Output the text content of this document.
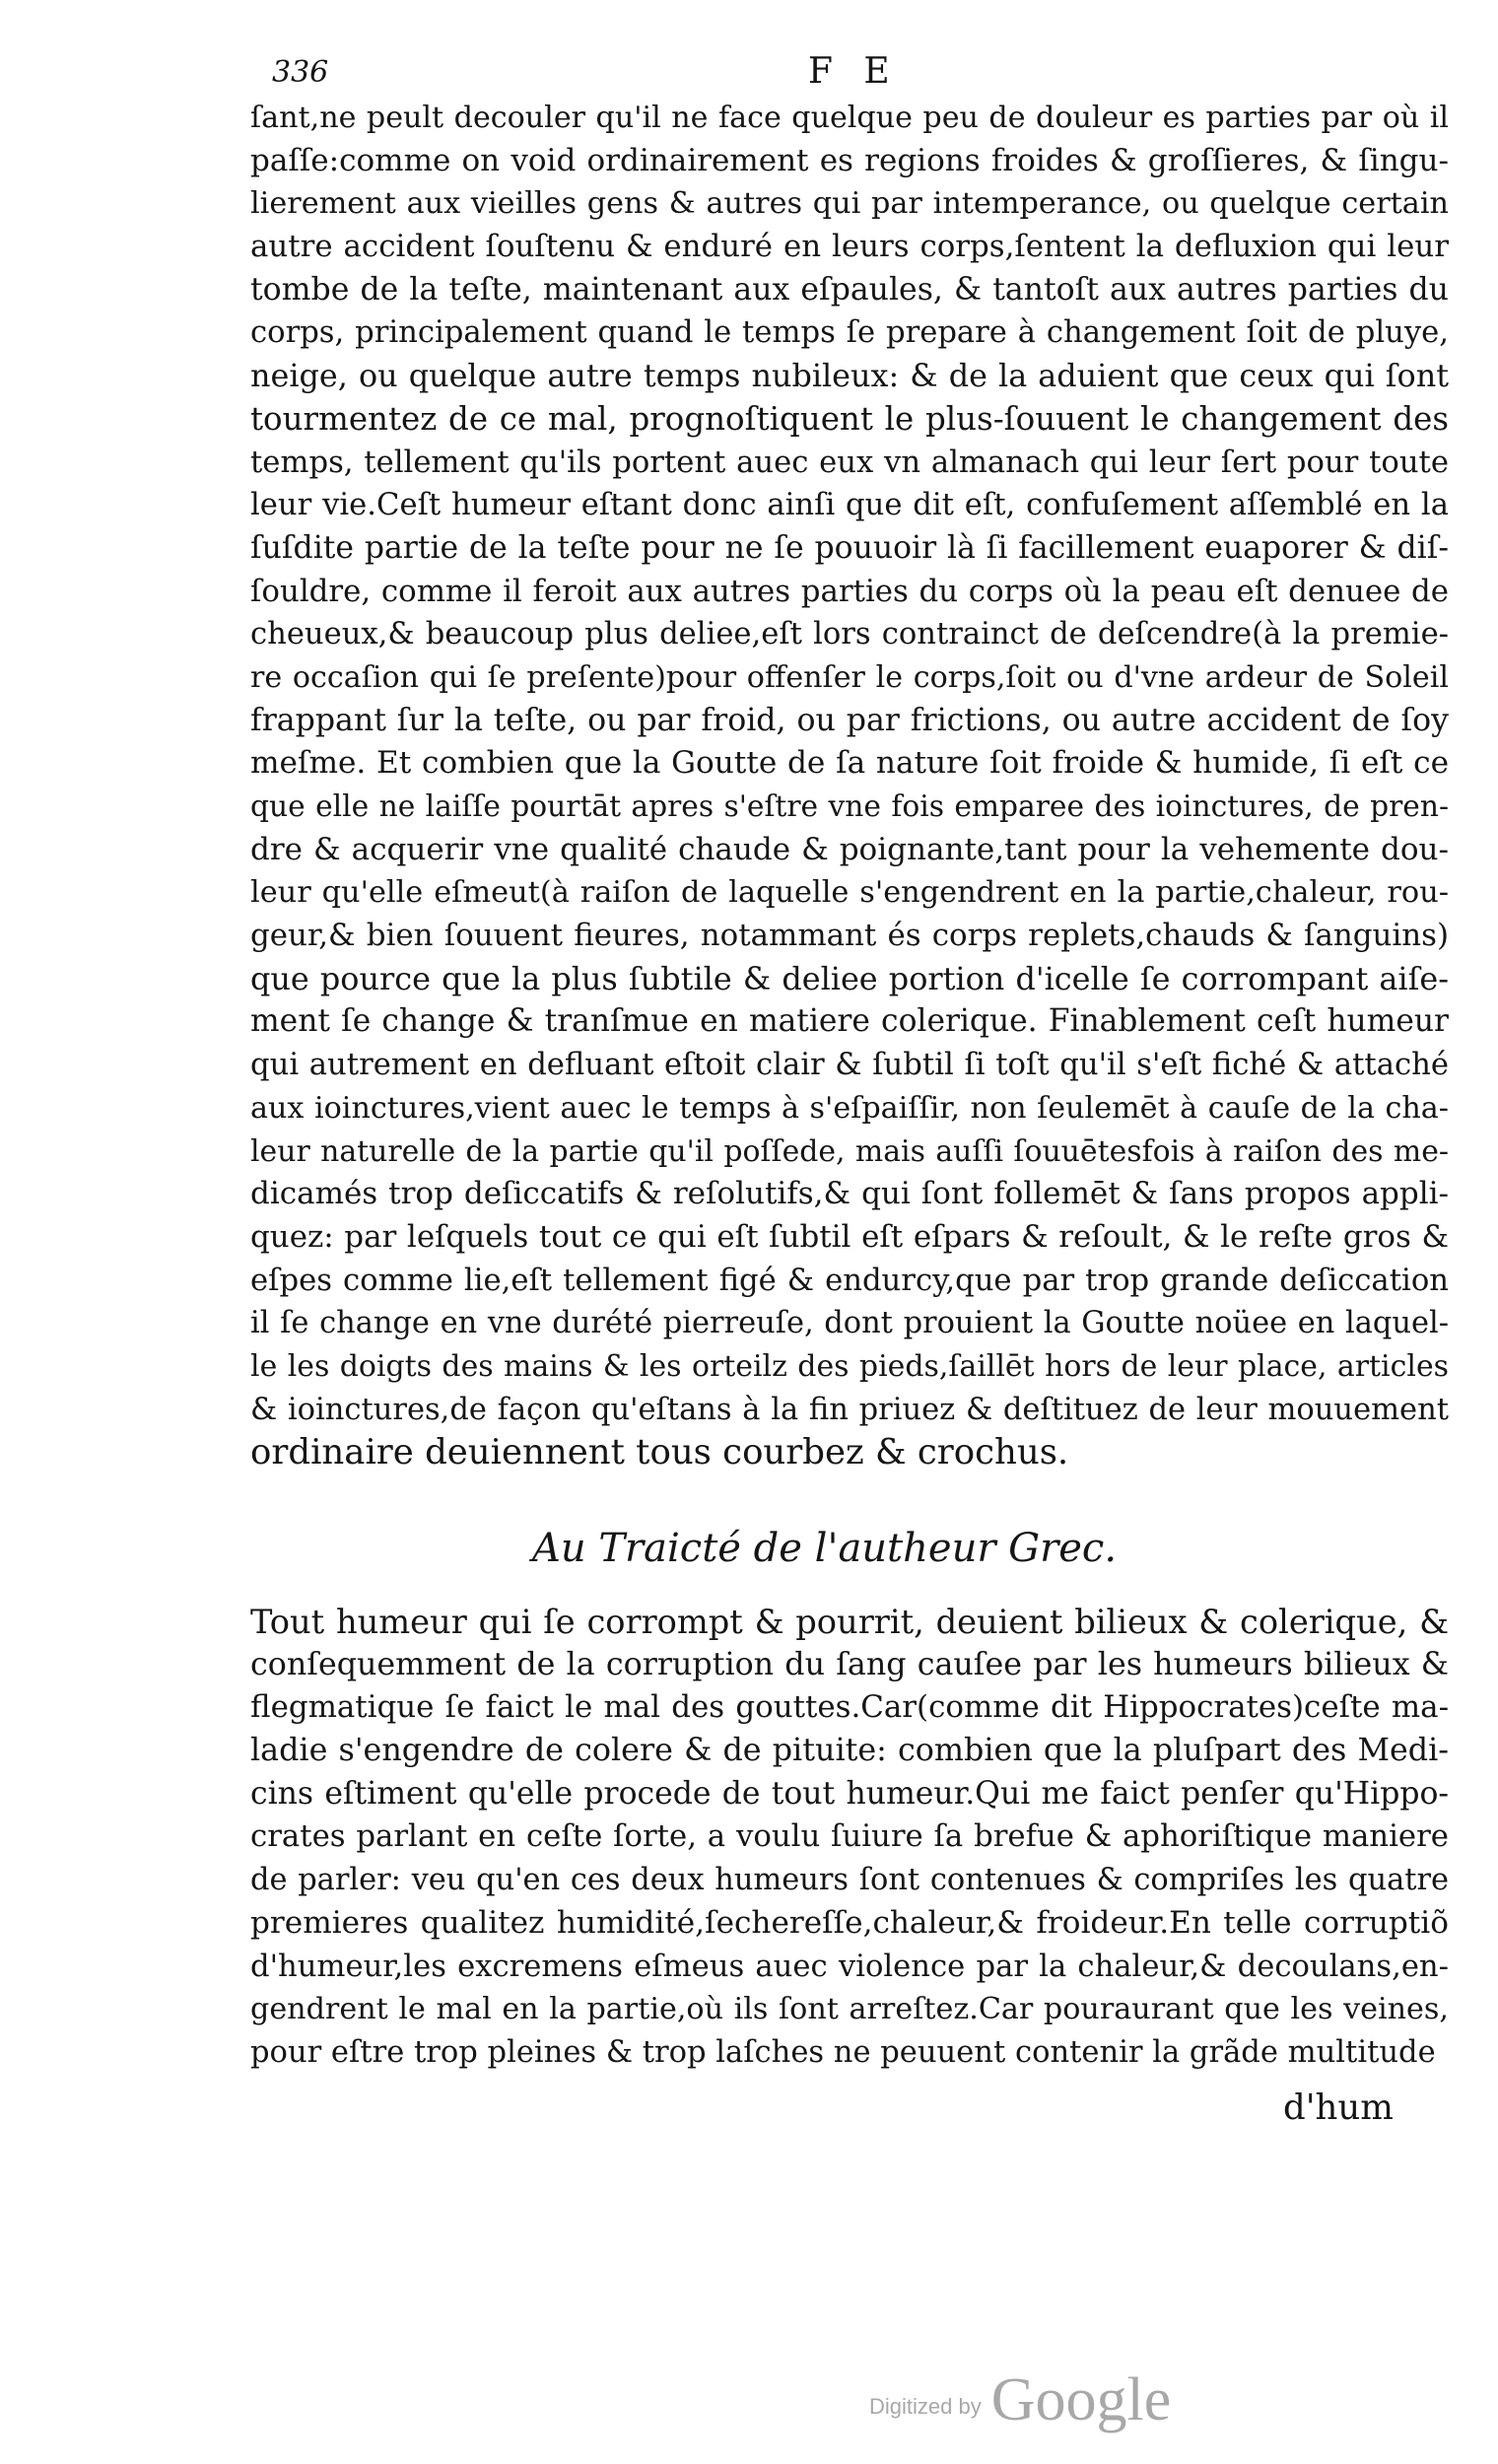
336	F E
ſant,ne peult decouler qu'il ne face quelque peu de douleur es parties par où il
paſſe:comme on void ordinairement es regions froides & groſſieres, & ſingu-
lierement aux vieilles gens & autres qui par intemperance, ou quelque certain
autre accident ſouſtenu & enduré en leurs corps,ſentent la defluxion qui leur
tombe de la teſte, maintenant aux eſpaules, & tantoſt aux autres parties du
corps, principalement quand le temps ſe prepare à changement ſoit de pluye,
neige, ou quelque autre temps nubileux: & de la aduient que ceux qui ſont
tourmentez de ce mal, prognoſtiquent le plus-ſouuent le changement des
temps, tellement qu'ils portent auec eux vn almanach qui leur ſert pour toute
leur vie.Ceſt humeur eſtant donc ainſi que dit eſt, confuſement aſſemblé en la
ſuſdite partie de la teſte pour ne ſe pouuoir là ſi facillement euaporer & diſ-
ſouldre, comme il feroit aux autres parties du corps où la peau eſt denuee de
cheueux,& beaucoup plus deliee,eſt lors contrainct de deſcendre(à la premie-
re occaſion qui ſe preſente)pour offenſer le corps,ſoit ou d'vne ardeur de Soleil
frappant ſur la teſte, ou par froid, ou par frictions, ou autre accident de ſoy
meſme. Et combien que la Goutte de ſa nature ſoit froide & humide, ſi eſt ce
que elle ne laiſſe pourtāt apres s'eſtre vne fois emparee des ioinctures, de pren-
dre & acquerir vne qualité chaude & poignante,tant pour la vehemente dou-
leur qu'elle eſmeut(à raiſon de laquelle s'engendrent en la partie,chaleur, rou-
geur,& bien ſouuent fieures, notammant és corps replets,chauds & ſanguins)
que pource que la plus ſubtile & deliee portion d'icelle ſe corrompant aiſe-
ment ſe change & tranſmue en matiere colerique. Finablement ceſt humeur
qui autrement en defluant eſtoit clair & ſubtil ſi toſt qu'il s'eſt fiché & attaché
aux ioinctures,vient auec le temps à s'eſpaiſſir, non ſeulemēt à cauſe de la cha-
leur naturelle de la partie qu'il poſſede, mais auſſi ſouuētesfois à raiſon des me-
dicamés trop deſiccatifs & reſolutifs,& qui ſont follemēt & ſans propos appli-
quez: par leſquels tout ce qui eſt ſubtil eſt eſpars & reſoult, & le reſte gros &
eſpes comme lie,eſt tellement figé & endurcy,que par trop grande deſiccation
il ſe change en vne durété pierreuſe, dont prouient la Goutte noüee en laquel-
le les doigts des mains & les orteilz des pieds,ſaillēt hors de leur place, articles
& ioinctures,de façon qu'eſtans à la fin priuez & deſtituez de leur mouuement
ordinaire deuiennent tous courbez & crochus.
Au Traicté de l'autheur Grec.
Tout humeur qui ſe corrompt & pourrit, deuient bilieux & colerique, &
conſequemment de la corruption du ſang cauſee par les humeurs bilieux &
flegmatique ſe faict le mal des gouttes.Car(comme dit Hippocrates)ceſte ma-
ladie s'engendre de colere & de pituite: combien que la pluſpart des Medi-
cins eſtiment qu'elle procede de tout humeur.Qui me faict penſer qu'Hippo-
crates parlant en ceſte ſorte, a voulu ſuiure ſa brefue & aphoriſtique maniere
de parler: veu qu'en ces deux humeurs ſont contenues & compriſes les quatre
premieres qualitez humidité,ſechereſſe,chaleur,& froideur.En telle corruptiõ
d'humeur,les excremens eſmeus auec violence par la chaleur,& decoulans,en-
gendrent le mal en la partie,où ils ſont arreſtez.Car pouraurant que les veines,
pour eſtre trop pleines & trop laſches ne peuuent contenir la grãde multitude
d'hum
Digitized by Google
